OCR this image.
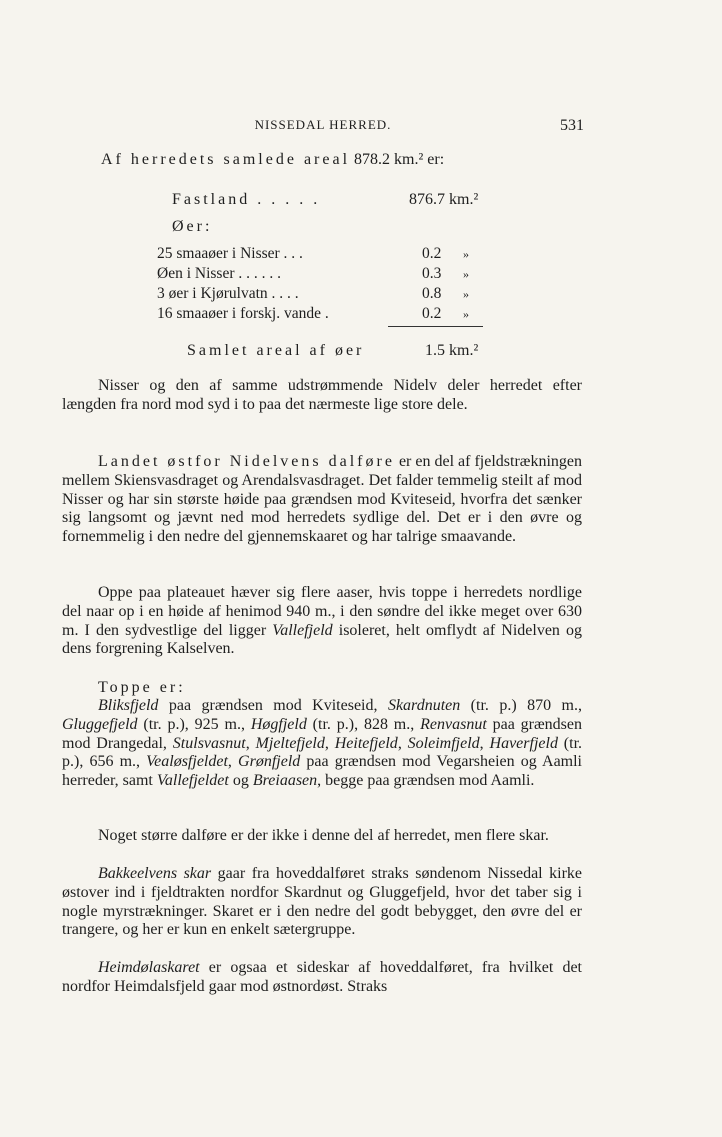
NISSEDAL HERRED.	531
Af herredets samlede areal 878.2 km.² er:
Fastland . . . . .	876.7 km.²
Øer:
25 smaaøer i Nisser . . .	0.2 »
Øen i Nisser . . . . . .	0.3 »
3 øer i Kjørulvatn . . . .	0.8 »
16 smaaøer i forskj. vande .	0.2 »
Samlet areal af øer	1.5 km.²

Nisser og den af samme udstrømmende Nidelv deler herredet efter længden fra nord mod syd i to paa det nærmeste lige store dele.

Landet østfor Nidelvens dalføre er en del af fjeldstrækningen mellem Skiensvasdraget og Arendalsvasdraget. Det falder temmelig steilt af mod Nisser og har sin største høide paa grændsen mod Kviteseid, hvorfra det sænker sig langsomt og jævnt ned mod herredets sydlige del. Det er i den øvre og fornemmelig i den nedre del gjennemskaaret og har talrige smaavande.

Oppe paa plateauet hæver sig flere aaser, hvis toppe i herredets nordlige del naar op i en høide af henimod 940 m., i den søndre del ikke meget over 630 m. I den sydvestlige del ligger Vallefjeld isoleret, helt omflydt af Nidelven og dens forgrening Kalselven.

Toppe er:

Bliksfjeld paa grændsen mod Kviteseid, Skardnuten (tr. p.) 870 m., Gluggefjeld (tr. p.), 925 m., Høgfjeld (tr. p.), 828 m., Renvasnut paa grændsen mod Drangedal, Stulsvasnut, Mjeltefjeld, Heitefjeld, Soleimfjeld, Haverfjeld (tr. p.), 656 m., Vealøsfjeldet, Grønfjeld paa grændsen mod Vegarsheien og Aamli herreder, samt Vallefjeldet og Breiaasen, begge paa grændsen mod Aamli.

Noget større dalføre er der ikke i denne del af herredet, men flere skar.

Bakkeelvens skar gaar fra hoveddalføret straks søndenom Nissedal kirke østover ind i fjeldtrakten nordfor Skardnut og Gluggefjeld, hvor det taber sig i nogle myrstrækninger. Skaret er i den nedre del godt bebygget, den øvre del er trangere, og her er kun en enkelt sætergruppe.

Heimdølaskaret er ogsaa et sideskar af hoveddalføret, fra hvilket det nordfor Heimdalsfjeld gaar mod østnordøst. Straks
